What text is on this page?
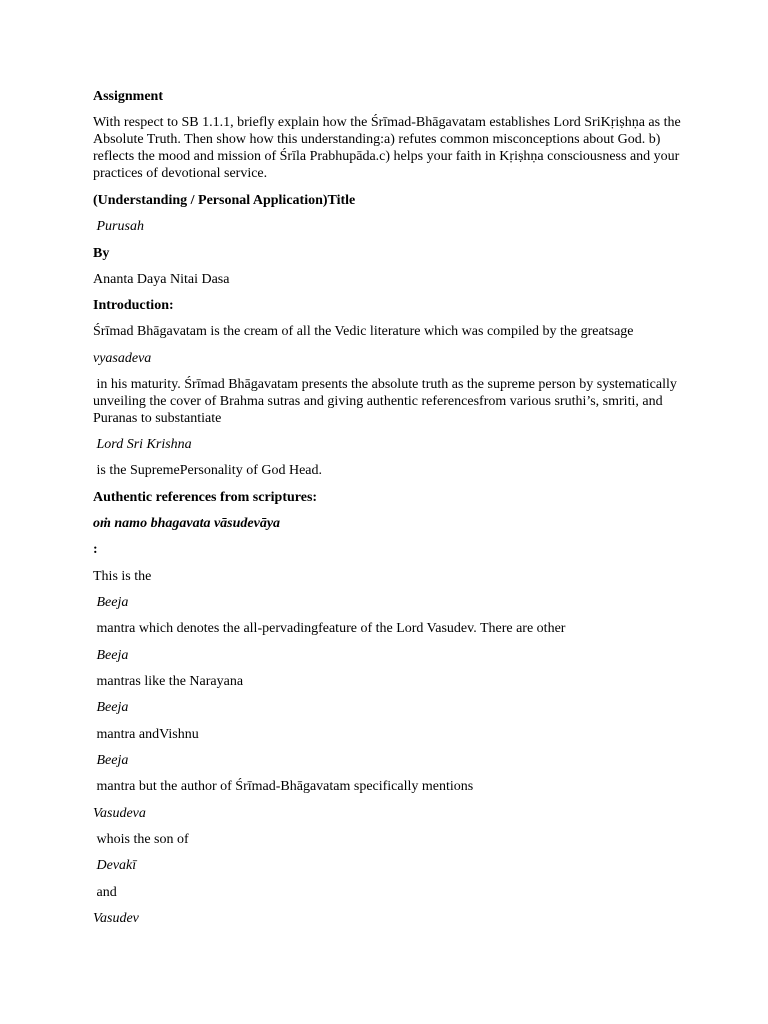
Assignment
With respect to SB 1.1.1, briefly explain how the Śrīmad-Bhāgavatam establishes Lord SriKṛiṣhṇa as the Absolute Truth. Then show how this understanding:a) refutes common misconceptions about God. b) reflects the mood and mission of Śrīla Prabhupāda.c) helps your faith in Kṛiṣhṇa consciousness and your practices of devotional service.
(Understanding / Personal Application)Title
Purusah
By
Ananta Daya Nitai Dasa
Introduction:
Śrīmad Bhāgavatam is the cream of all the Vedic literature which was compiled by the greatsage
vyasadeva
in his maturity. Śrīmad Bhāgavatam presents the absolute truth as the supreme person by systematically unveiling the cover of Brahma sutras and giving authentic referencesfrom various sruthi’s, smriti, and Puranas to substantiate
Lord Sri Krishna
is the SupremePersonality of God Head.
Authentic references from scriptures:
oṁ namo bhagavata vāsudevāya
:
This is the
Beeja
mantra which denotes the all-pervadingfeature of the Lord Vasudev. There are other
Beeja
mantras like the Narayana
Beeja
mantra andVishnu
Beeja
mantra but the author of Śrīmad-Bhāgavatam specifically mentions
Vasudeva
whois the son of
Devakī
and
Vasudev
